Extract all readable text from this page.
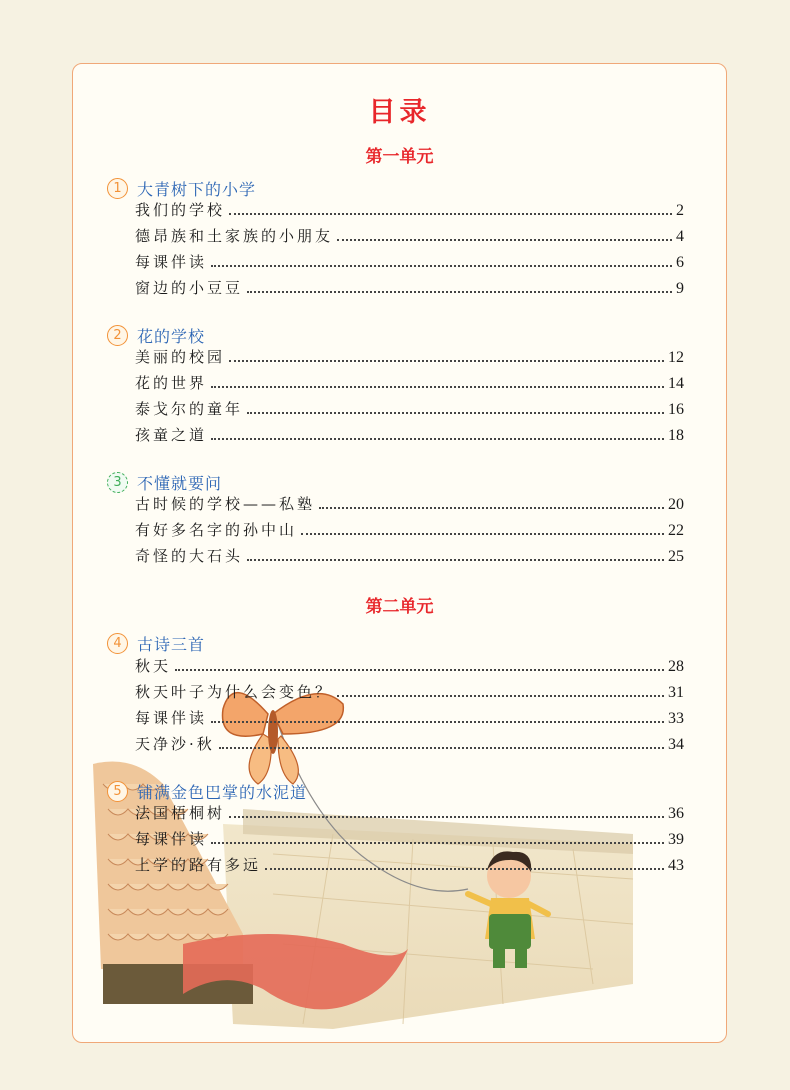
目录
第一单元
1 大青树下的小学
我们的学校	2
德昂族和土家族的小朋友	4
每课伴读	6
窗边的小豆豆	9
2 花的学校
美丽的校园	12
花的世界	14
泰戈尔的童年	16
孩童之道	18
3 不懂就要问
古时候的学校——私塾	20
有好多名字的孙中山	22
奇怪的大石头	25
第二单元
4 古诗三首
秋天	28
秋天叶子为什么会变色？	31
每课伴读	33
天净沙·秋	34
5 铺满金色巴掌的水泥道
法国梧桐树	36
每课伴读	39
上学的路有多远	43
